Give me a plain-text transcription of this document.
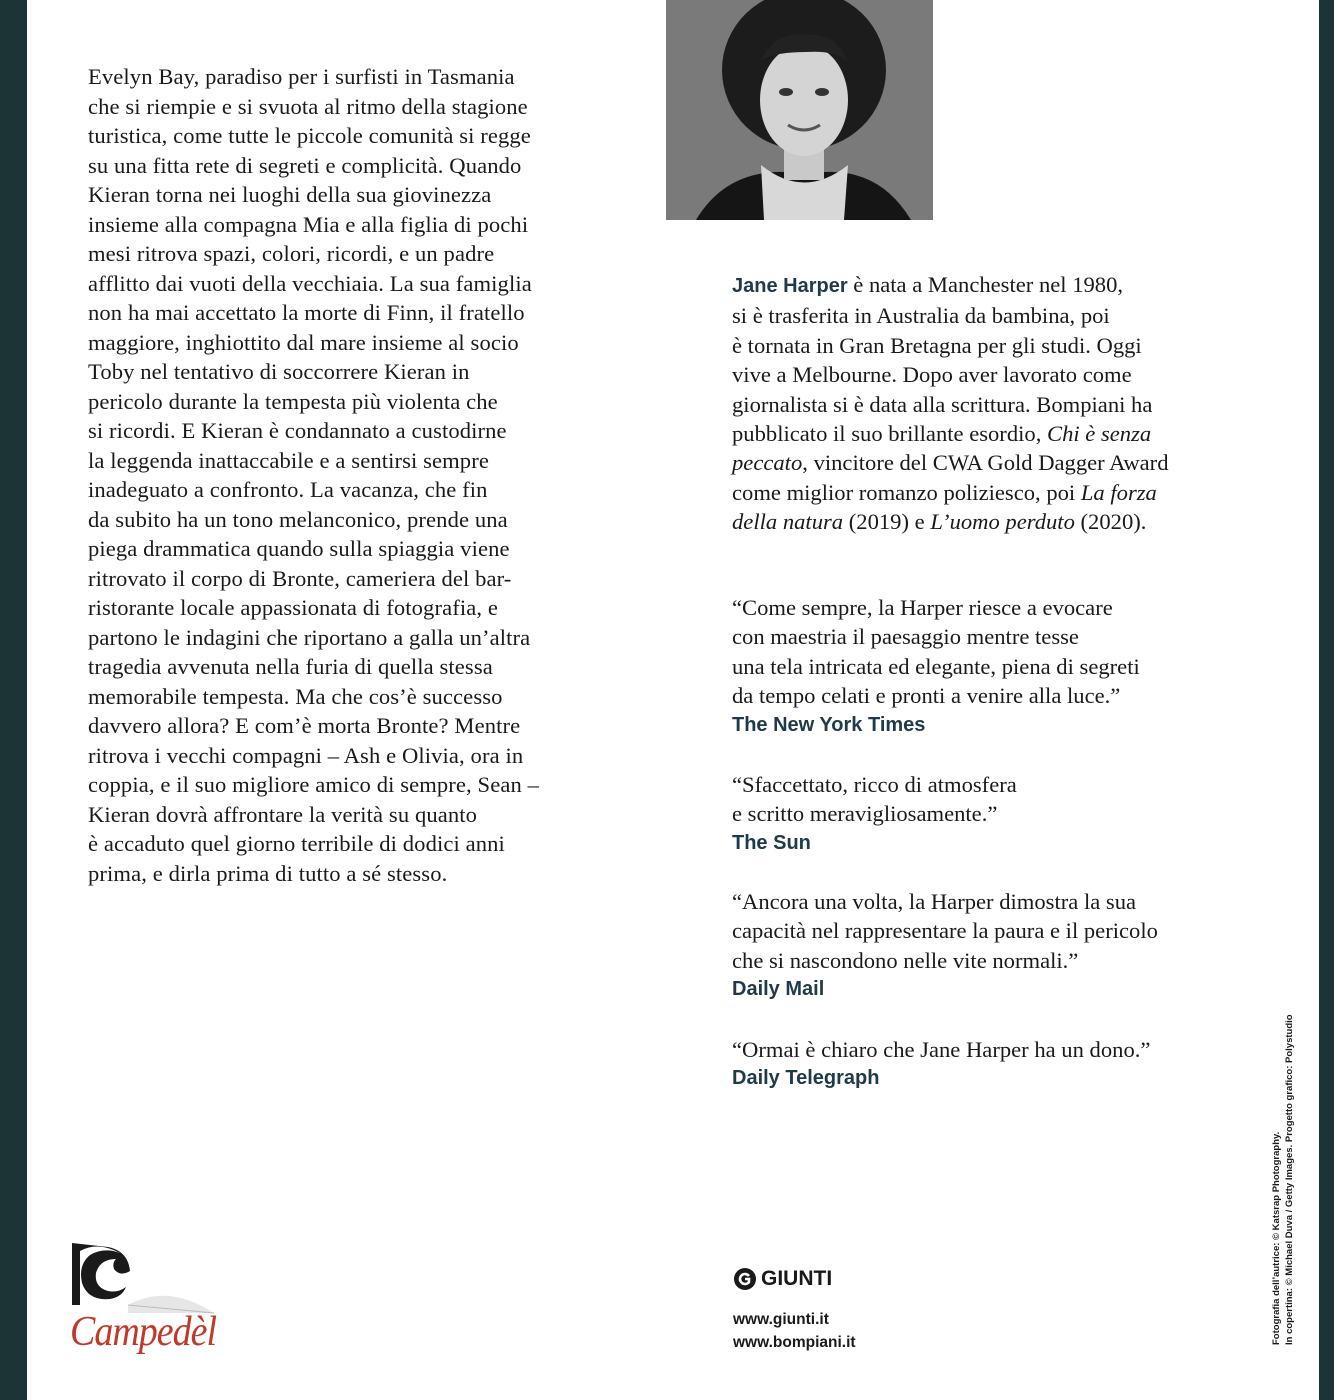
Evelyn Bay, paradiso per i surfisti in Tasmania
che si riempie e si svuota al ritmo della stagione
turistica, come tutte le piccole comunità si regge
su una fitta rete di segreti e complicità. Quando
Kieran torna nei luoghi della sua giovinezza
insieme alla compagna Mia e alla figlia di pochi
mesi ritrova spazi, colori, ricordi, e un padre
afflitto dai vuoti della vecchiaia. La sua famiglia
non ha mai accettato la morte di Finn, il fratello
maggiore, inghiottito dal mare insieme al socio
Toby nel tentativo di soccorrere Kieran in
pericolo durante la tempesta più violenta che
si ricordi. E Kieran è condannato a custodirne
la leggenda inattaccabile e a sentirsi sempre
inadeguato a confronto. La vacanza, che fin
da subito ha un tono melanconico, prende una
piega drammatica quando sulla spiaggia viene
ritrovato il corpo di Bronte, cameriera del bar-
ristorante locale appassionata di fotografia, e
partono le indagini che riportano a galla un’altra
tragedia avvenuta nella furia di quella stessa
memorabile tempesta. Ma che cos’è successo
davvero allora? E com’è morta Bronte? Mentre
ritrova i vecchi compagni – Ash e Olivia, ora in
coppia, e il suo migliore amico di sempre, Sean –
Kieran dovrà affrontare la verità su quanto
è accaduto quel giorno terribile di dodici anni
prima, e dirla prima di tutto a sé stesso.
Jane Harper è nata a Manchester nel 1980,
si è trasferita in Australia da bambina, poi
è tornata in Gran Bretagna per gli studi. Oggi
vive a Melbourne. Dopo aver lavorato come
giornalista si è data alla scrittura. Bompiani ha
pubblicato il suo brillante esordio, Chi è senza
peccato, vincitore del CWA Gold Dagger Award
come miglior romanzo poliziesco, poi La forza
della natura (2019) e L’uomo perduto (2020).
“Come sempre, la Harper riesce a evocare
con maestria il paesaggio mentre tesse
una tela intricata ed elegante, piena di segreti
da tempo celati e pronti a venire alla luce.”
The New York Times
“Sfaccettato, ricco di atmosfera
e scritto meravigliosamente.”
The Sun
“Ancora una volta, la Harper dimostra la sua
capacità nel rappresentare la paura e il pericolo
che si nascondono nelle vite normali.”
Daily Mail
“Ormai è chiaro che Jane Harper ha un dono.”
Daily Telegraph
GIUNTI
www.giunti.it
www.bompiani.it	Fotografia dell’autrice: © Katsrap Photography. In copertina: © Michael Duva / Getty Images. Progetto grafico: Polystudio
Campedèl
